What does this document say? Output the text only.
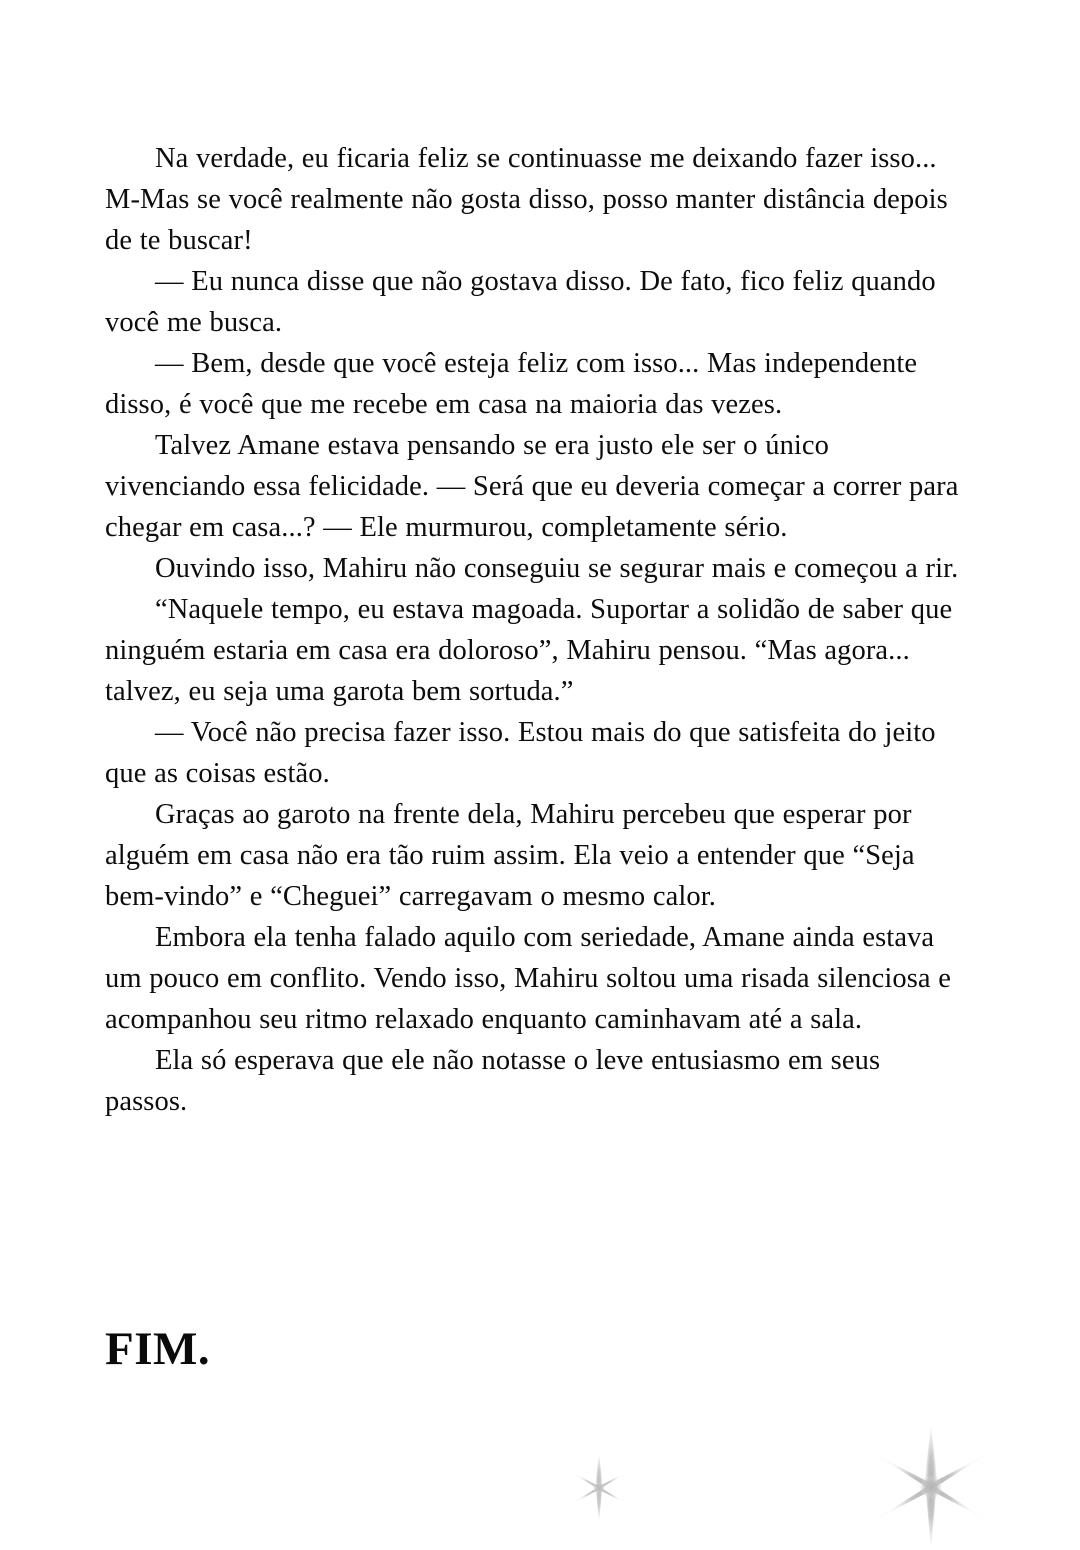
Na verdade, eu ficaria feliz se continuasse me deixando fazer isso... M-Mas se você realmente não gosta disso, posso manter distância depois de te buscar!

— Eu nunca disse que não gostava disso. De fato, fico feliz quando você me busca.

— Bem, desde que você esteja feliz com isso... Mas independente disso, é você que me recebe em casa na maioria das vezes.

Talvez Amane estava pensando se era justo ele ser o único vivenciando essa felicidade. — Será que eu deveria começar a correr para chegar em casa...? — Ele murmurou, completamente sério.

Ouvindo isso, Mahiru não conseguiu se segurar mais e começou a rir.

“Naquele tempo, eu estava magoada. Suportar a solidão de saber que ninguém estaria em casa era doloroso”, Mahiru pensou. “Mas agora... talvez, eu seja uma garota bem sortuda.”

— Você não precisa fazer isso. Estou mais do que satisfeita do jeito que as coisas estão.

Graças ao garoto na frente dela, Mahiru percebeu que esperar por alguém em casa não era tão ruim assim. Ela veio a entender que “Seja bem-vindo” e “Cheguei” carregavam o mesmo calor.

Embora ela tenha falado aquilo com seriedade, Amane ainda estava um pouco em conflito. Vendo isso, Mahiru soltou uma risada silenciosa e acompanhou seu ritmo relaxado enquanto caminhavam até a sala.

Ela só esperava que ele não notasse o leve entusiasmo em seus passos.

FIM.
